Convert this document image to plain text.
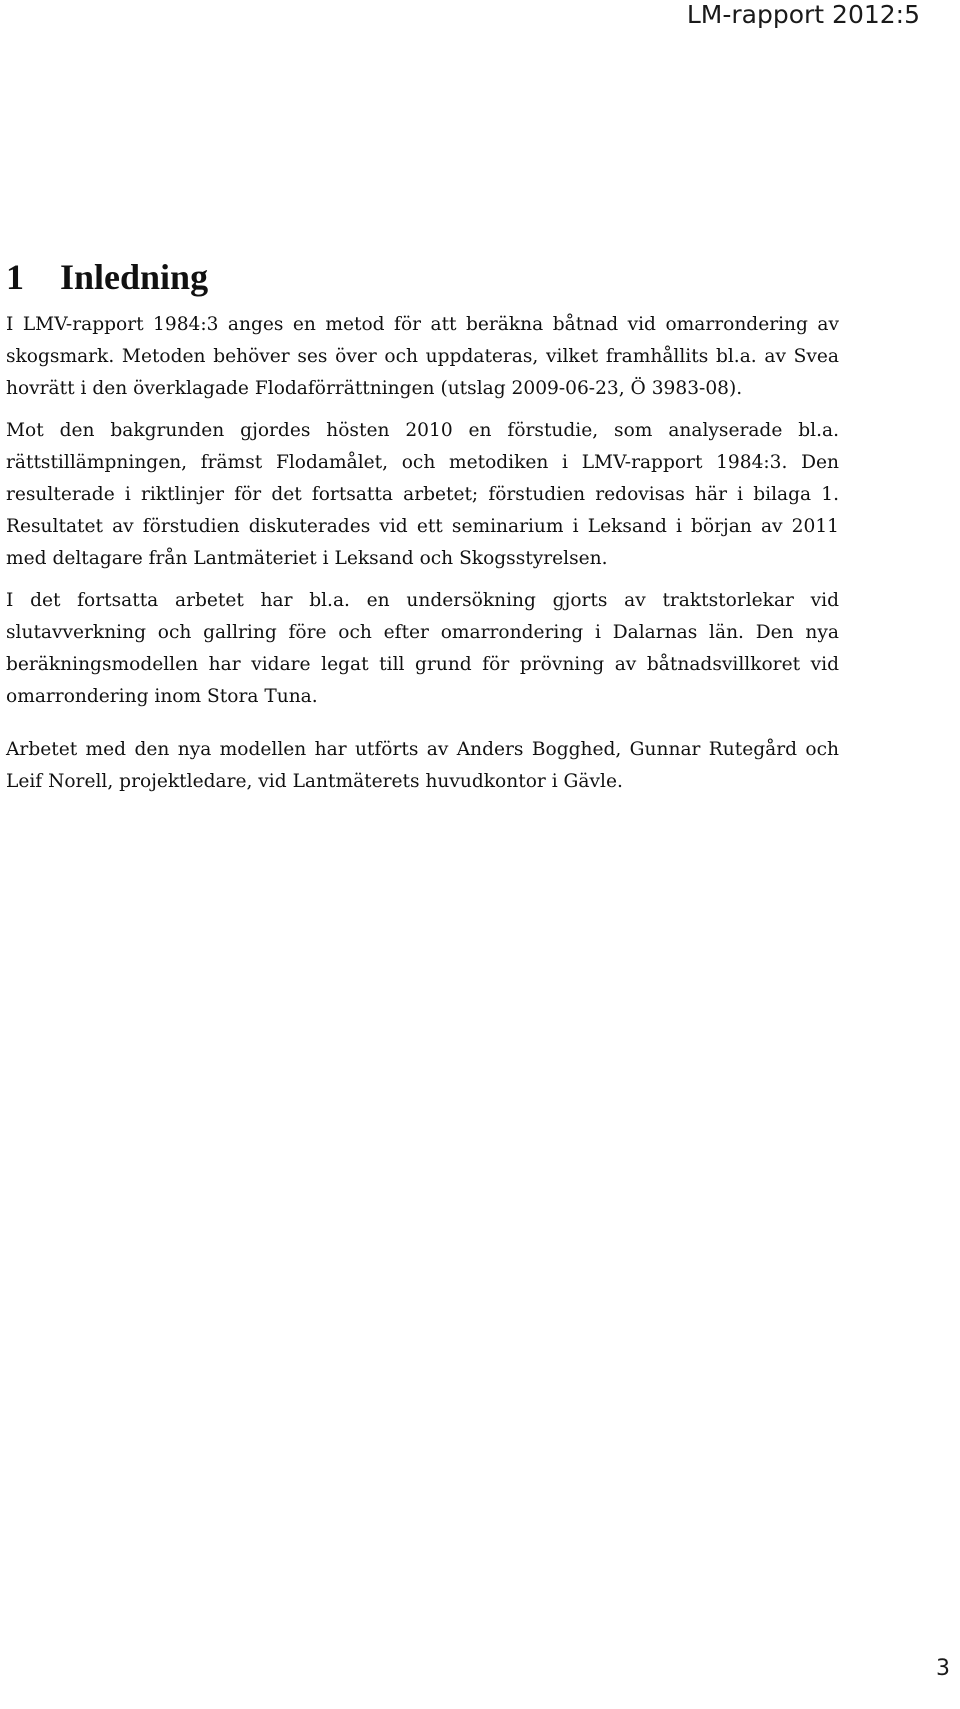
LM-rapport 2012:5
1 Inledning

I LMV-rapport 1984:3 anges en metod för att beräkna båtnad vid omarrondering av skogsmark. Metoden behöver ses över och uppdateras, vilket framhållits bl.a. av Svea hovrätt i den överklagade Flodaförrättningen (utslag 2009-06-23, Ö 3983-08).

Mot den bakgrunden gjordes hösten 2010 en förstudie, som analyserade bl.a. rättstillämpningen, främst Flodamålet, och metodiken i LMV-rapport 1984:3. Den resulterade i riktlinjer för det fortsatta arbetet; förstudien redovisas här i bilaga 1. Resultatet av förstudien diskuterades vid ett seminarium i Leksand i början av 2011 med deltagare från Lantmäteriet i Leksand och Skogsstyrelsen.

I det fortsatta arbetet har bl.a. en undersökning gjorts av traktstorlekar vid slutavverkning och gallring före och efter omarrondering i Dalarnas län. Den nya beräkningsmodellen har vidare legat till grund för prövning av båtnadsvillkoret vid omarrondering inom Stora Tuna.

Arbetet med den nya modellen har utförts av Anders Bogghed, Gunnar Rutegård och Leif Norell, projektledare, vid Lantmäterets huvudkontor i Gävle.

3
